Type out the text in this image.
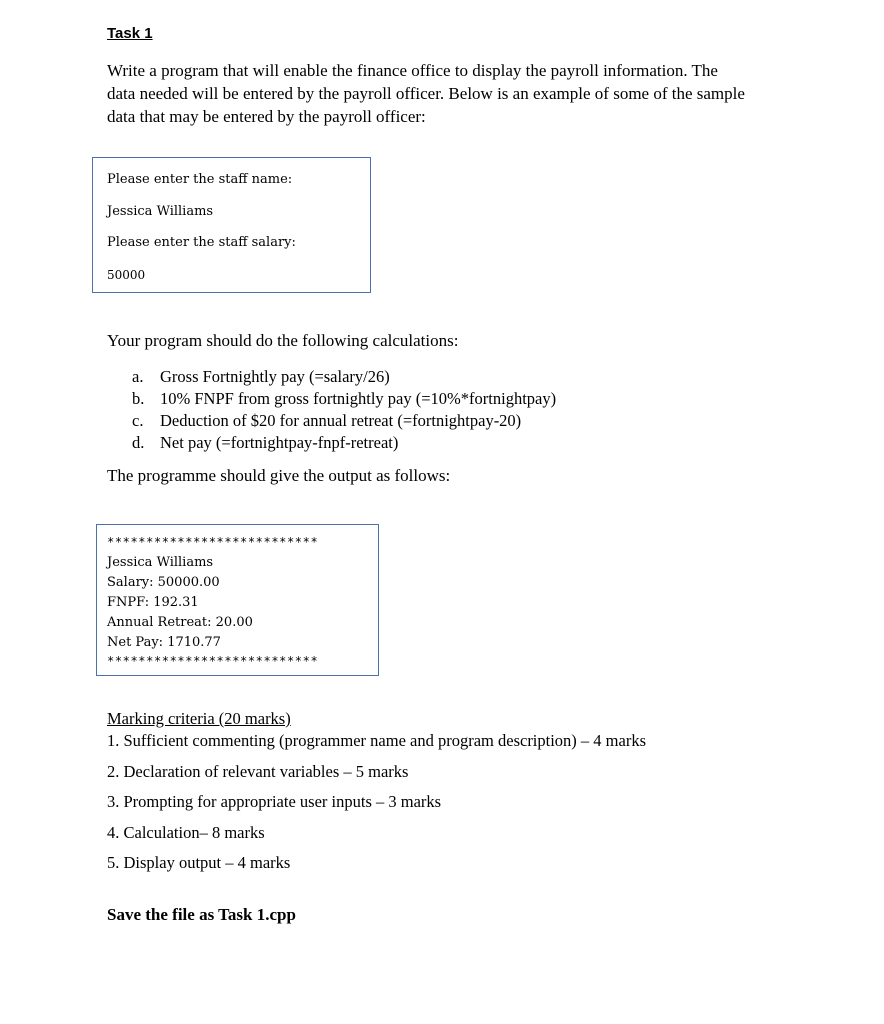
Task 1

Write a program that will enable the finance office to display the payroll information. The

data needed will be entered by the payroll officer. Below is an example of some of the sample

data that may be entered by the payroll officer:

Please enter the staff name:
Jessica Williams
Please enter the staff salary:
50000
Your program should do the following calculations:
a.	Gross Fortnightly pay (=salary/26)
b. 10% FNPF from gross fortnightly pay (=10%*fortnightpay)
c.	Deduction of $20 for annual retreat (=fortnightpay-20)
d. Net pay (=fortnightpay-fnpf-retreat)
The programme should give the output as follows:
***************************
Jessica Williams
Salary: 50000.00
FNPF: 192.31
Annual Retreat: 20.00
Net Pay: 1710.77
***************************
Marking criteria (20 marks)
1. Sufficient commenting (programmer name and program description) – 4 marks
2. Declaration of relevant variables – 5 marks
3. Prompting for appropriate user inputs – 3 marks
4. Calculation– 8 marks
5. Display output – 4 marks
Save the file as Task 1.cpp
